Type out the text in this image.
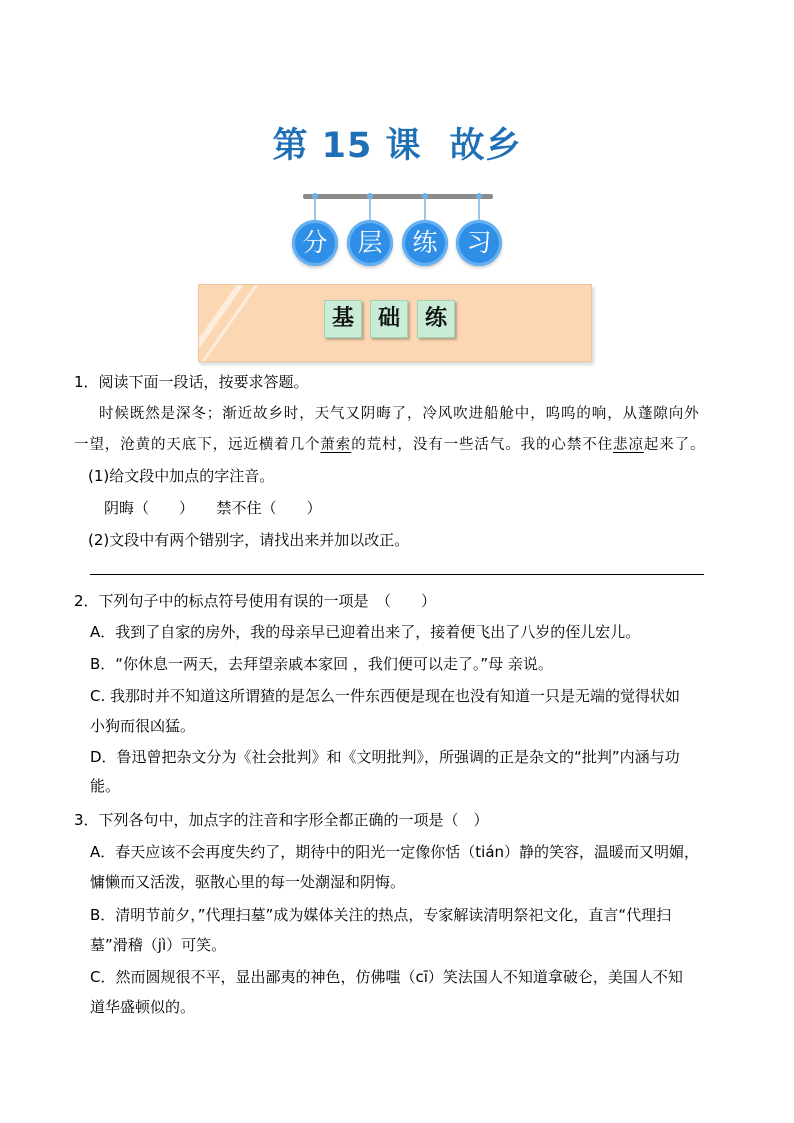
第 15 课 故乡
分	层	练	习
基	础	练
1．阅读下面一段话，按要求答题。
时候既然是深冬；渐近故乡时，天气又阴晦了，冷风吹进船舱中，呜呜的响，从蓬隙向外
一望，沧黄的天底下，远近横着几个萧索的荒村，没有一些活气。我的心禁不住悲凉起来了。
(1)给文段中加点的字注音。
阴晦（　　）　　禁不住（　　）
(2)文段中有两个错别字，请找出来并加以改正。
2．下列句子中的标点符号使用有误的一项是　（　　）
A．我到了自家的房外，我的母亲早已迎着出来了，接着便飞出了八岁的侄儿宏儿。
B．“你休息一两天，去拜望亲戚本家回 ，我们便可以走了。”母 亲说。
C. 我那时并不知道这所谓猹的是怎么一件东西便是现在也没有知道一只是无端的觉得状如
小狗而很凶猛。
D．鲁迅曾把杂文分为《社会批判》和《文明批判》，所强调的正是杂文的“批判”内涵与功
能。
3．下列各句中，加点字的注音和字形全都正确的一项是（　）
A．春天应该不会再度失约了，期待中的阳光一定像你恬（tián）静的笑容，温暖而又明媚，
慵懒而又活泼，驱散心里的每一处潮湿和阴悔。
B．清明节前夕，”代理扫墓”成为媒体关注的热点，专家解读清明祭祀文化，直言“代理扫
墓”滑稽（jì）可笑。
C．然而圆规很不平，显出鄙夷的神色，仿佛嗤（cī）笑法国人不知道拿破仑，美国人不知
道华盛顿似的。
